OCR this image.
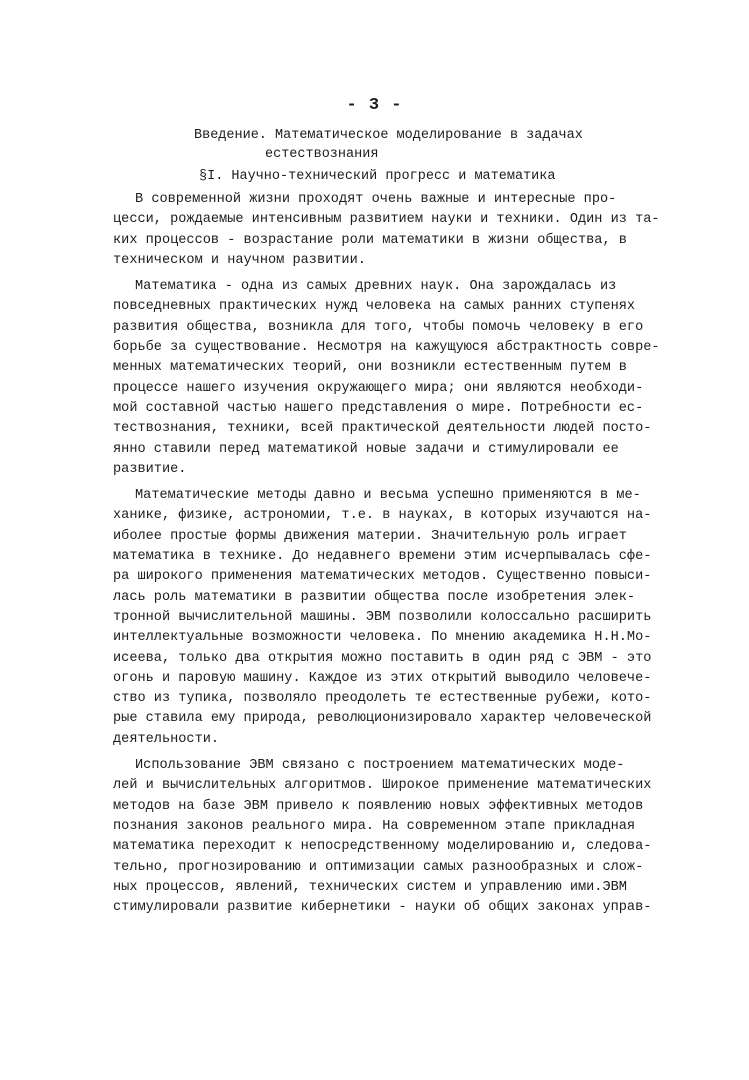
- 3 -
Введение. Математическое моделирование в задачах
естествознания
§I. Научно-технический прогресс и математика
В современной жизни проходят очень важные и интересные про-
цесси, рождаемые интенсивным развитием науки и техники. Один из та-
ких процессов - возрастание роли математики в жизни общества, в
техническом и научном развитии.
Математика - одна из самых древних наук. Она зарождалась из
повседневных практических нужд человека на самых ранних ступенях
развития общества, возникла для того, чтобы помочь человеку в его
борьбе за существование. Несмотря на кажущуюся абстрактность совре-
менных математических теорий, они возникли естественным путем в
процессе нашего изучения окружающего мира; они являются необходи-
мой составной частью нашего представления о мире. Потребности ес-
тествознания, техники, всей практической деятельности людей посто-
янно ставили перед математикой новые задачи и стимулировали ее
развитие.
Математические методы давно и весьма успешно применяются в ме-
ханике, физике, астрономии, т.е. в науках, в которых изучаются на-
иболее простые формы движения материи. Значительную роль играет
математика в технике. До недавнего времени этим исчерпывалась сфе-
ра широкого применения математических методов. Существенно повыси-
лась роль математики в развитии общества после изобретения элек-
тронной вычислительной машины. ЭВМ позволили колоссально расширить
интеллектуальные возможности человека. По мнению академика Н.Н.Мо-
исеева, только два открытия можно поставить в один ряд с ЭВМ - это
огонь и паровую машину. Каждое из этих открытий выводило человече-
ство из тупика, позволяло преодолеть те естественные рубежи, кото-
рые ставила ему природа, революционизировало характер человеческой
деятельности.
Использование ЭВМ связано с построением математических моде-
лей и вычислительных алгоритмов. Широкое применение математических
методов на базе ЭВМ привело к появлению новых эффективных методов
познания законов реального мира. На современном этапе прикладная
математика переходит к непосредственному моделированию и, следова-
тельно, прогнозированию и оптимизации самых разнообразных и слож-
ных процессов, явлений, технических систем и управлению ими.ЭВМ
стимулировали развитие кибернетики - науки об общих законах управ-
